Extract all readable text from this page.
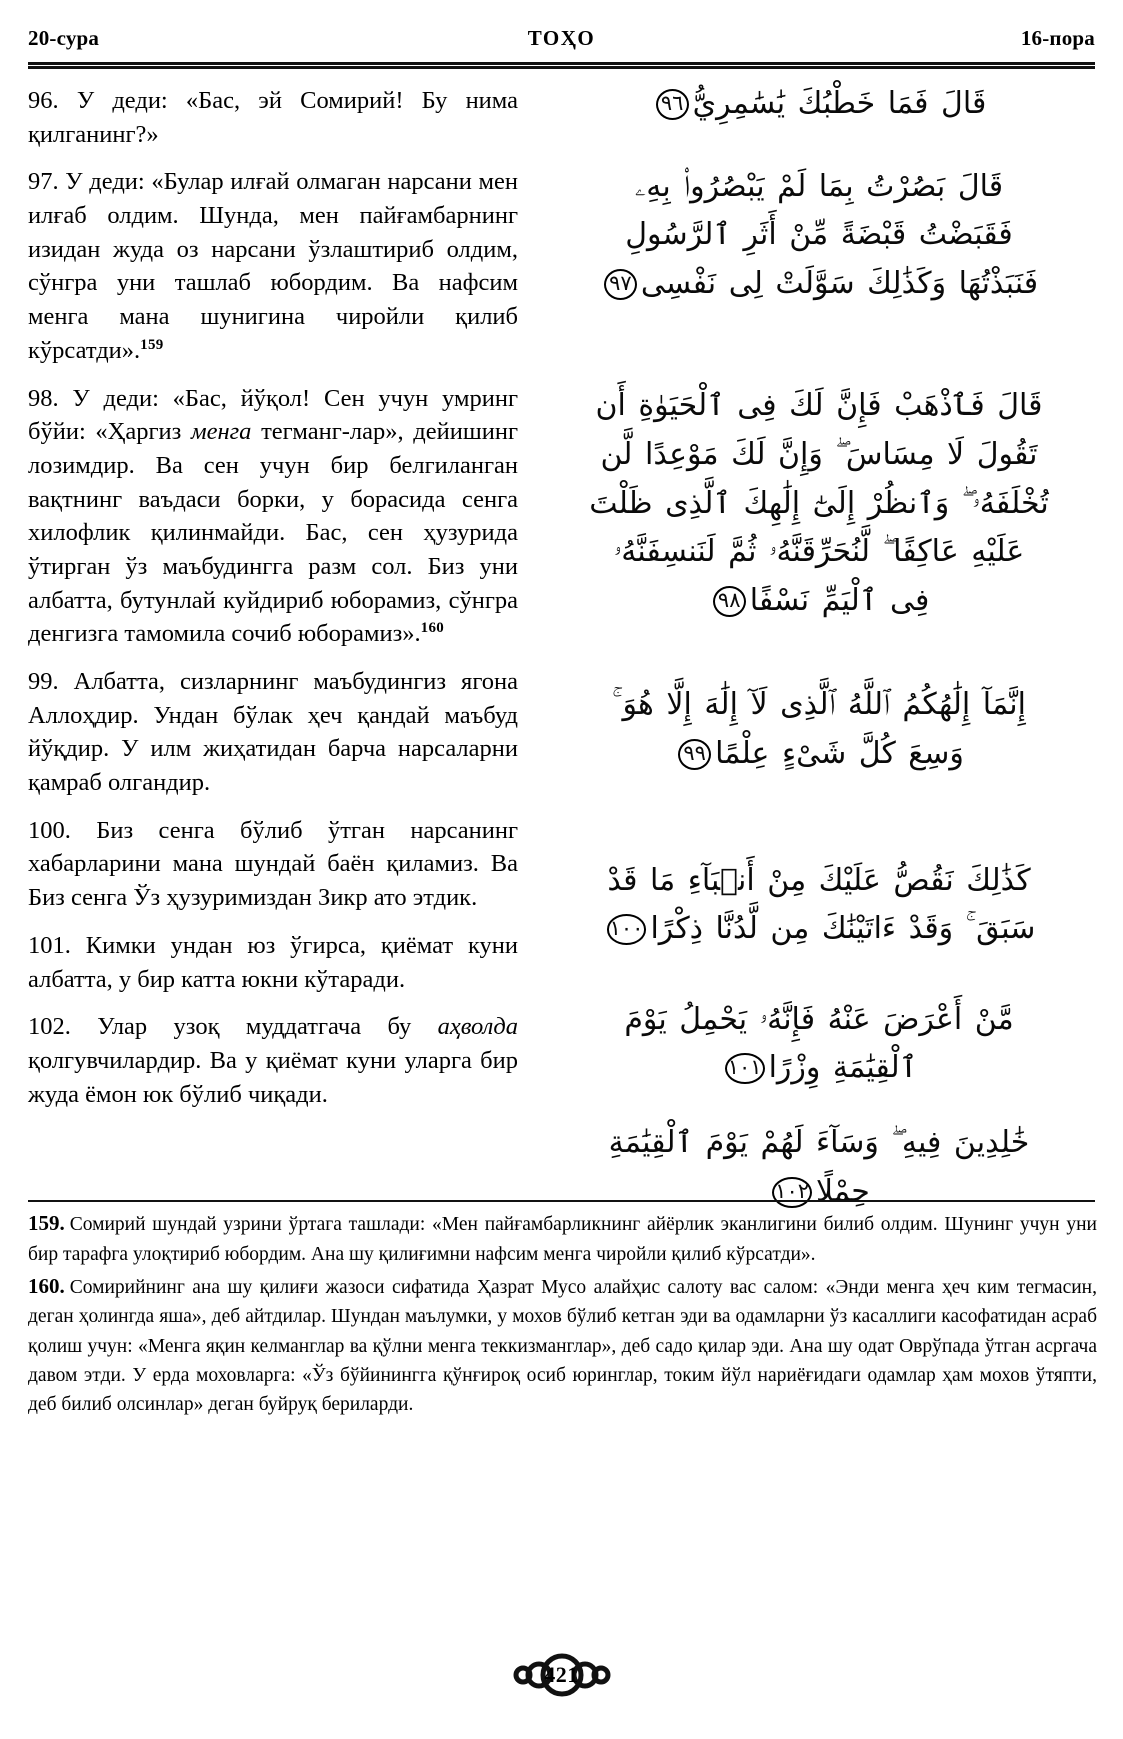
20-сура	ТОҲО	16-пора

96. У деди: «Бас, эй Сомирий! Бу нима қилганинг?»

97. У деди: «Булар илғай олмаган нарсани мен илғаб олдим. Шунда, мен пайғамбарнинг изидан жуда оз нарсани ўзлаштириб олдим, сўнгра уни ташлаб юбордим. Ва нафсим менга мана шунигина чиройли қилиб кўрсатди».$^{159}$

98. У деди: «Бас, йўқол! Сен учун умринг бўйи: «Ҳаргиз менга тегманг-лар», дейишинг лозимдир. Ва сен учун бир белгиланган вақтнинг ваъдаси борки, у борасида сенга хилофлик қилинмайди. Бас, сен ҳузурида ўтирган ўз маъбудингга разм сол. Биз уни албатта, бутунлай куйдириб юборамиз, сўнгра денгизга тамомила сочиб юборамиз».$^{160}$

99. Албатта, сизларнинг маъбудингиз ягона Аллоҳдир. Ундан бўлак ҳеч қандай маъбуд йўқдир. У илм жиҳатидан барча нарсаларни қамраб олгандир.

100. Биз сенга бўлиб ўтган нарсанинг хабарларини мана шундай баён қиламиз. Ва Биз сенга Ўз ҳузуримиздан Зикр ато этдик.

101. Кимки ундан юз ўгирса, қиёмат куни албатта, у бир катта юкни кўтаради.

102. Улар узоқ муддатгача бу аҳволда қолгувчилардир. Ва у қиёмат куни уларга бир жуда ёмон юк бўлиб чиқади.

قَالَ فَمَا خَطْبُكَ يَٰسَٰمِرِيُّ٩٦

قَالَ بَصُرْتُ بِمَا لَمْ يَبْصُرُوا۟ بِهِۦ
فَقَبَضْتُ قَبْضَةً مِّنْ أَثَرِ ٱلرَّسُولِ
فَنَبَذْتُهَا وَكَذَٰلِكَ سَوَّلَتْ لِى نَفْسِى٩٧

قَالَ فَٱذْهَبْ فَإِنَّ لَكَ فِى ٱلْحَيَوٰةِ أَن
تَقُولَ لَا مِسَاسَ ۖ وَإِنَّ لَكَ مَوْعِدًا لَّن
تُخْلَفَهُۥ ۖ وَٱنظُرْ إِلَىٰٓ إِلَٰهِكَ ٱلَّذِى ظَلْتَ
عَلَيْهِ عَاكِفًا ۖ لَّنُحَرِّقَنَّهُۥ ثُمَّ لَنَنسِفَنَّهُۥ
فِى ٱلْيَمِّ نَسْفًا٩٨

إِنَّمَآ إِلَٰهُكُمُ ٱللَّهُ ٱلَّذِى لَآ إِلَٰهَ إِلَّا هُوَ ۚ
وَسِعَ كُلَّ شَىْءٍ عِلْمًا٩٩

كَذَٰلِكَ نَقُصُّ عَلَيْكَ مِنْ أَنۢبَآءِ مَا قَدْ
سَبَقَ ۚ وَقَدْ ءَاتَيْنَٰكَ مِن لَّدُنَّا ذِكْرًا١٠٠

مَّنْ أَعْرَضَ عَنْهُ فَإِنَّهُۥ يَحْمِلُ يَوْمَ
ٱلْقِيَٰمَةِ وِزْرًا١٠١

خَٰلِدِينَ فِيهِ ۖ وَسَآءَ لَهُمْ يَوْمَ ٱلْقِيَٰمَةِ
حِمْلًا١٠٢

159. Сомирий шундай узрини ўртага ташлади: «Мен пайғамбарликнинг айёрлик эканлигини билиб олдим. Шунинг учун уни бир тарафга улоқтириб юбордим. Ана шу қилиғимни нафсим менга чиройли қилиб кўрсатди».

160. Сомирийнинг ана шу қилиғи жазоси сифатида Ҳазрат Мусо алайҳис салоту вас салом: «Энди менга ҳеч ким тегмасин, деган ҳолингда яша», деб айтдилар. Шундан маълумки, у мохов бўлиб кетган эди ва одамларни ўз касаллиги касофатидан асраб қолиш учун: «Менга яқин келманглар ва қўлни менга теккизманглар», деб садо қилар эди. Ана шу одат Оврўпада ўтган асргача давом этди. У ерда моховларга: «Ўз бўйинингга қўнғироқ осиб юринглар, токим йўл нариёғидаги одамлар ҳам мохов ўтяпти, деб билиб олсинлар» деган буйруқ бериларди.

421
